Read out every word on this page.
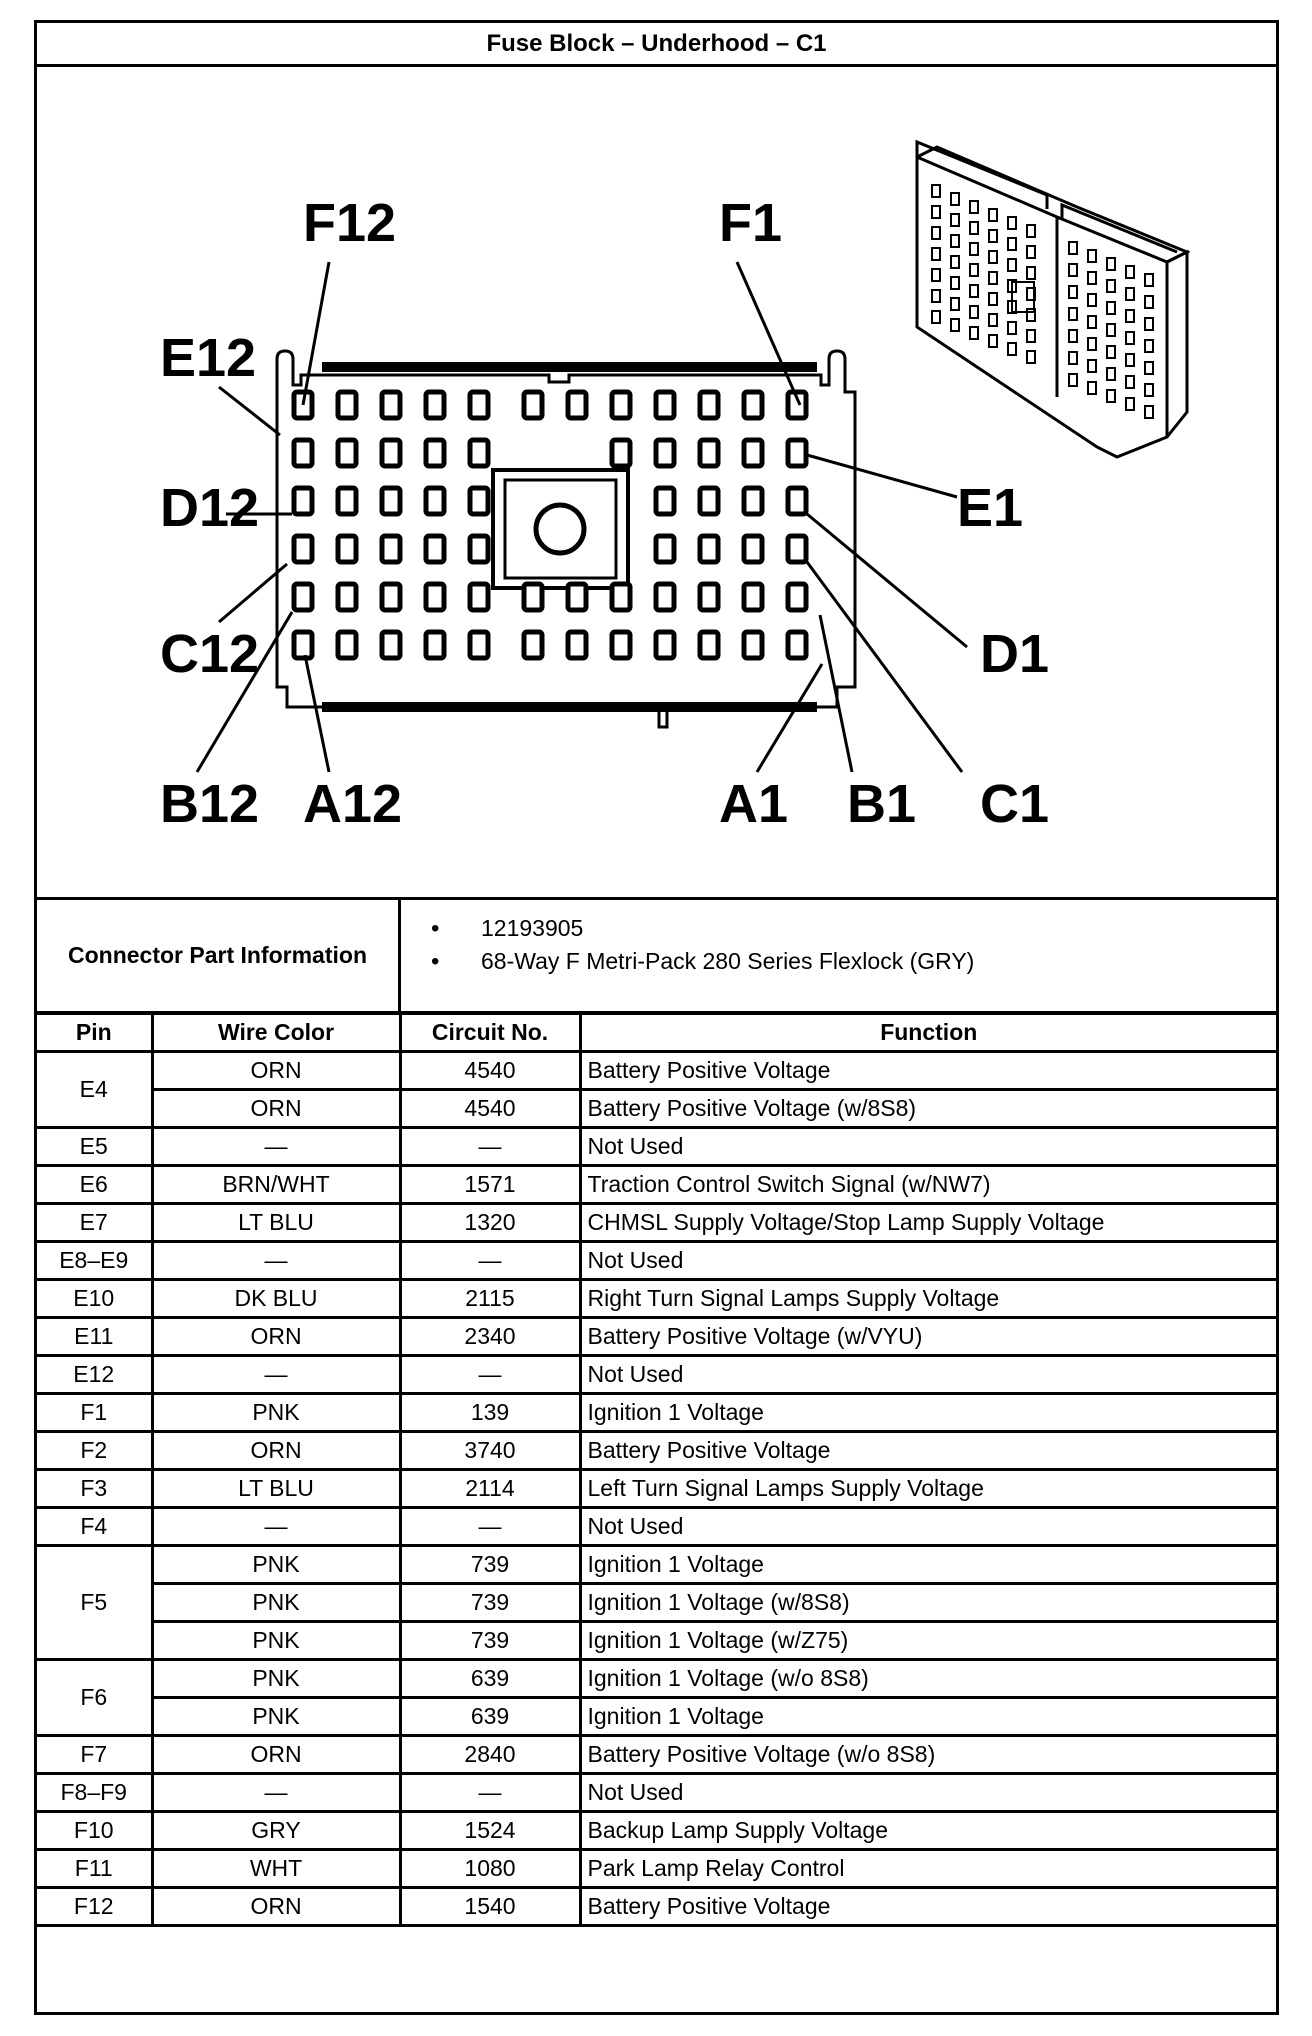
Fuse Block – Underhood – C1
F12	F1
E12
E1
D12
D1
C12
C1
B12 A12	A1 B1
Connector Part Information
• 12193905
• 68-Way F Metri-Pack 280 Series Flexlock (GRY)
Pin	Wire Color	Circuit No.	Function
E4	ORN	4540	Battery Positive Voltage
	ORN	4540	Battery Positive Voltage (w/8S8)
E5	—	—	Not Used
E6	BRN/WHT	1571	Traction Control Switch Signal (w/NW7)
E7	LT BLU	1320	CHMSL Supply Voltage/Stop Lamp Supply Voltage
E8–E9	—	—	Not Used
E10	DK BLU	2115	Right Turn Signal Lamps Supply Voltage
E11	ORN	2340	Battery Positive Voltage (w/VYU)
E12	—	—	Not Used
F1	PNK	139	Ignition 1 Voltage
F2	ORN	3740	Battery Positive Voltage
F3	LT BLU	2114	Left Turn Signal Lamps Supply Voltage
F4	—	—	Not Used
F5	PNK	739	Ignition 1 Voltage
	PNK	739	Ignition 1 Voltage (w/8S8)
	PNK	739	Ignition 1 Voltage (w/Z75)
F6	PNK	639	Ignition 1 Voltage (w/o 8S8)
	PNK	639	Ignition 1 Voltage
F7	ORN	2840	Battery Positive Voltage (w/o 8S8)
F8–F9	—	—	Not Used
F10	GRY	1524	Backup Lamp Supply Voltage
F11	WHT	1080	Park Lamp Relay Control
F12	ORN	1540	Battery Positive Voltage
